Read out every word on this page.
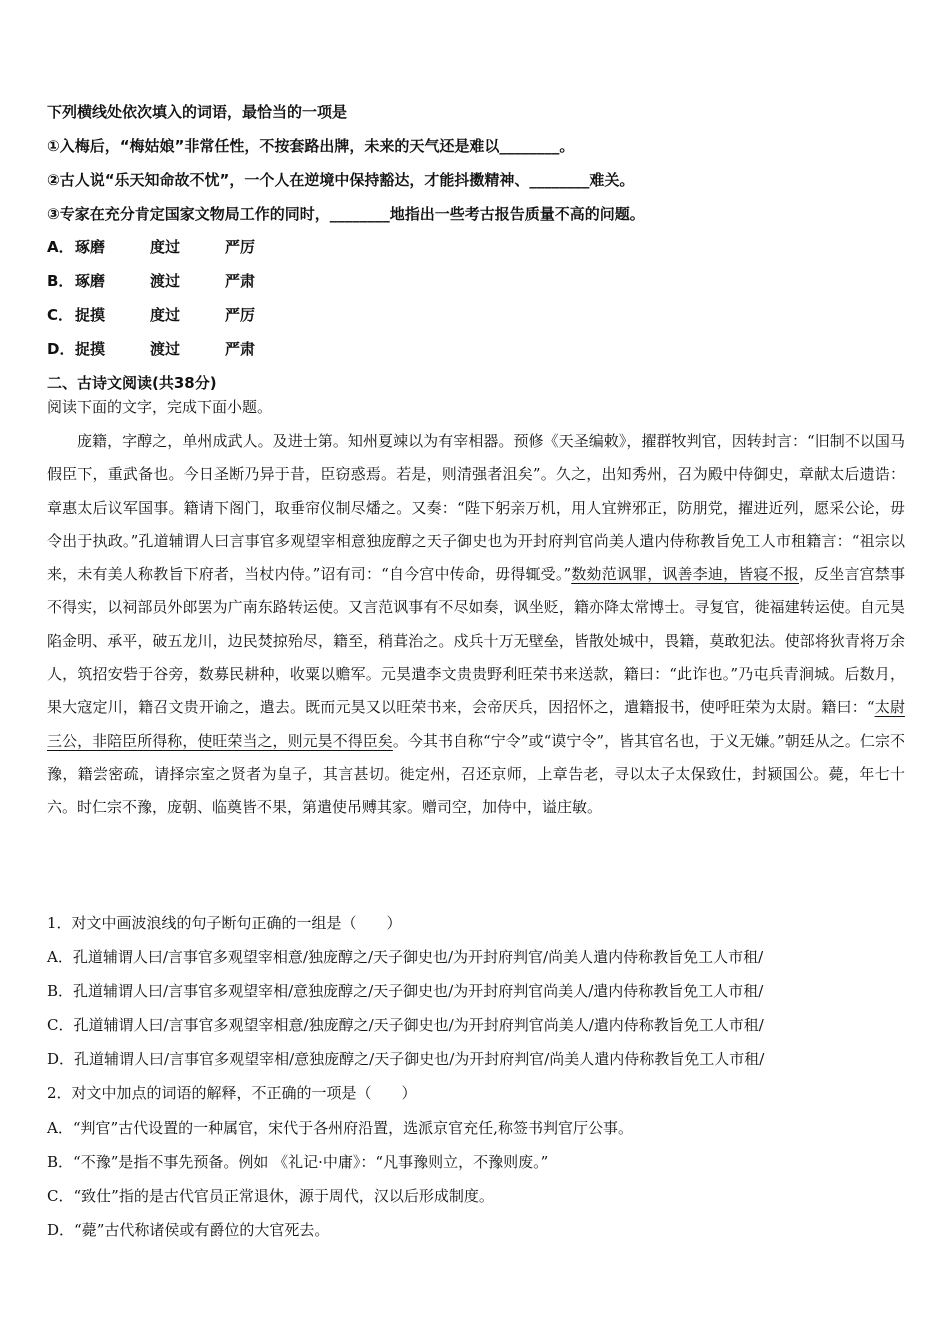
下列横线处依次填入的词语，最恰当的一项是
①入梅后，“梅姑娘”非常任性，不按套路出牌，未来的天气还是难以________。
②古人说“乐天知命故不忧”，一个人在逆境中保持豁达，才能抖擞精神、________难关。
③专家在充分肯定国家文物局工作的同时，________地指出一些考古报告质量不高的问题。
A． 琢磨	度过	严厉
B． 琢磨	渡过	严肃
C． 捉摸	度过	严厉
D． 捉摸	渡过	严肃
二、古诗文阅读(共38分)
阅读下面的文字，完成下面小题。
庞籍，字醇之，单州成武人。及进士第。知州夏竦以为有宰相器。预修《天圣编敕》，擢群牧判官，因转封言：“旧制不以国马假臣下，重武备也。今日圣断乃异于昔，臣窃惑焉。若是，则清强者沮矣”。久之，出知秀州，召为殿中侍御史，章献太后遗诰：章惠太后议军国事。籍请下阁门，取垂帘仪制尽燔之。又奏：“陛下躬亲万机，用人宜辨邪正，防朋党，擢进近列，愿采公论，毋令出于执政。”孔道辅谓人曰言事官多观望宰相意独庞醇之天子御史也为开封府判官尚美人遣内侍称教旨免工人市租籍言：“祖宗以来，未有美人称教旨下府者，当杖内侍。”诏有司：“自今宫中传命，毋得辄受。”数劾范讽罪，讽善李迪，皆寝不报，反坐言宫禁事不得实，以祠部员外郎罢为广南东路转运使。又言范讽事有不尽如奏，讽坐贬，籍亦降太常博士。寻复官，徙福建转运使。自元昊陷金明、承平，破五龙川，边民焚掠殆尽，籍至，稍葺治之。戍兵十万无壁垒，皆散处城中，畏籍，莫敢犯法。使部将狄青将万余人，筑招安砦于谷旁，数募民耕种，收粟以赡军。元昊遣李文贵贵野利旺荣书来送款，籍曰：“此诈也。”乃屯兵青涧城。后数月，果大寇定川，籍召文贵开谕之，遣去。既而元昊又以旺荣书来，会帝厌兵，因招怀之，遣籍报书，使呼旺荣为太尉。籍曰：“太尉三公，非陪臣所得称，使旺荣当之，则元昊不得臣矣。今其书自称“宁令”或“谟宁令”，皆其官名也，于义无嫌。”朝廷从之。仁宗不豫，籍尝密疏，请择宗室之贤者为皇子，其言甚切。徙定州，召还京师，上章告老，寻以太子太保致仕，封颍国公。薨，年七十六。时仁宗不豫，庞朝、临奠皆不果，第遣使吊赙其家。赠司空，加侍中，谥庄敏。
1．对文中画波浪线的句子断句正确的一组是（　　）
A．孔道辅谓人曰/言事官多观望宰相意/独庞醇之/天子御史也/为开封府判官/尚美人遣内侍称教旨免工人市租/
B．孔道辅谓人曰/言事官多观望宰相/意独庞醇之/天子御史也/为开封府判官尚美人/遣内侍称教旨免工人市租/
C．孔道辅谓人曰/言事官多观望宰相意/独庞醇之/天子御史也/为开封府判官尚美人/遣内侍称教旨免工人市租/
D．孔道辅谓人曰/言事官多观望宰相/意独庞醇之/天子御史也/为开封府判官/尚美人遣内侍称教旨免工人市租/
2．对文中加点的词语的解释，不正确的一项是（　　）
A．“判官”古代设置的一种属官，宋代于各州府沿置，选派京官充任,称签书判官厅公事。
B．“不豫”是指不事先预备。例如 《礼记·中庸》：“凡事豫则立，不豫则废。”
C．“致仕”指的是古代官员正常退休，源于周代，汉以后形成制度。
D．“薨”古代称诸侯或有爵位的大官死去。
